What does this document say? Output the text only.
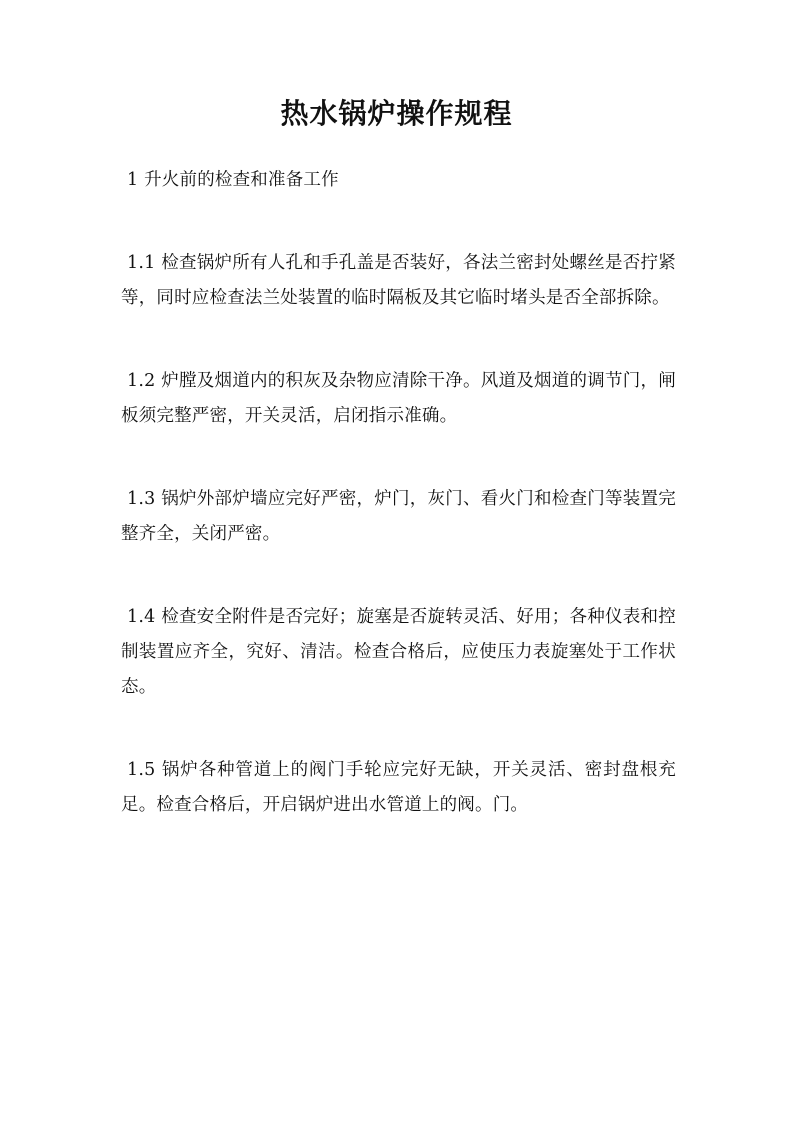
热水锅炉操作规程

1 升火前的检查和准备工作

1.1 检查锅炉所有人孔和手孔盖是否装好，各法兰密封处螺丝是否拧紧等，同时应检查法兰处装置的临时隔板及其它临时堵头是否全部拆除。

1.2 炉膛及烟道内的积灰及杂物应清除干净。风道及烟道的调节门，闸板须完整严密，开关灵活，启闭指示准确。

1.3 锅炉外部炉墙应完好严密，炉门，灰门、看火门和检查门等装置完整齐全，关闭严密。

1.4 检查安全附件是否完好；旋塞是否旋转灵活、好用；各种仪表和控制装置应齐全，究好、清洁。检查合格后，应使压力表旋塞处于工作状态。

1.5 锅炉各种管道上的阀门手轮应完好无缺，开关灵活、密封盘根充足。检查合格后，开启锅炉进出水管道上的阀。门。
